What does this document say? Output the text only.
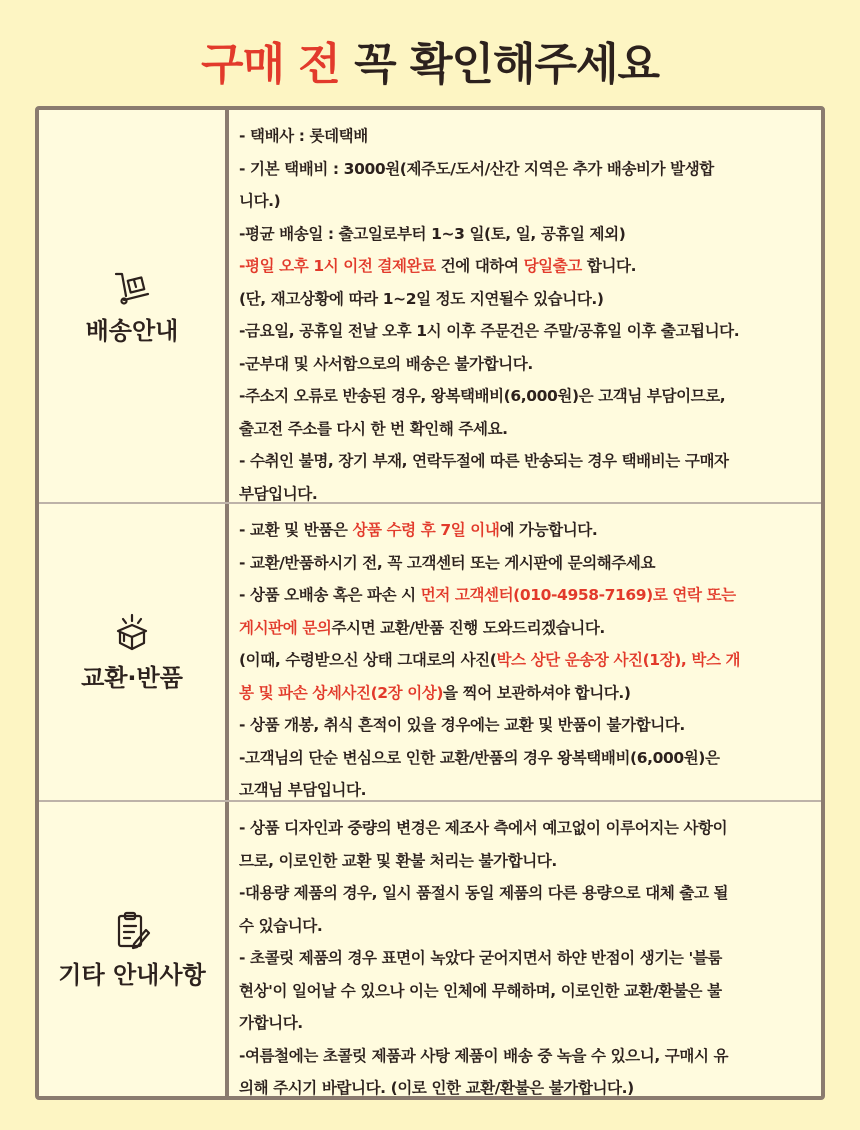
구매 전 꼭 확인해주세요
배송안내
- 택배사 : 롯데택배
- 기본 택배비 : 3000원(제주도/도서/산간 지역은 추가 배송비가 발생합
니다.)
-평균 배송일 : 출고일로부터 1~3 일(토, 일, 공휴일 제외)
-평일 오후 1시 이전 결제완료 건에 대하여 당일출고 합니다.
(단, 재고상황에 따라 1~2일 정도 지연될수 있습니다.)
-금요일, 공휴일 전날 오후 1시 이후 주문건은 주말/공휴일 이후 출고됩니다.
-군부대 및 사서함으로의 배송은 불가합니다.
-주소지 오류로 반송된 경우, 왕복택배비(6,000원)은 고객님 부담이므로,
출고전 주소를 다시 한 번 확인해 주세요.
- 수취인 불명, 장기 부재, 연락두절에 따른 반송되는 경우 택배비는 구매자
부담입니다.
교환·반품
- 교환 및 반품은 상품 수령 후 7일 이내에 가능합니다.
- 교환/반품하시기 전, 꼭 고객센터 또는 게시판에 문의해주세요
- 상품 오배송 혹은 파손 시 먼저 고객센터(010-4958-7169)로 연락 또는
게시판에 문의주시면 교환/반품 진행 도와드리겠습니다.
(이때, 수령받으신 상태 그대로의 사진(박스 상단 운송장 사진(1장), 박스 개
봉 및 파손 상세사진(2장 이상)을 찍어 보관하셔야 합니다.)
- 상품 개봉, 취식 흔적이 있을 경우에는 교환 및 반품이 불가합니다.
-고객님의 단순 변심으로 인한 교환/반품의 경우 왕복택배비(6,000원)은
고객님 부담입니다.
기타 안내사항
- 상품 디자인과 중량의 변경은 제조사 측에서 예고없이 이루어지는 사항이
므로, 이로인한 교환 및 환불 처리는 불가합니다.
-대용량 제품의 경우, 일시 품절시 동일 제품의 다른 용량으로 대체 출고 될
수 있습니다.
- 초콜릿 제품의 경우 표면이 녹았다 굳어지면서 하얀 반점이 생기는 '블룸
현상'이 일어날 수 있으나 이는 인체에 무해하며, 이로인한 교환/환불은 불
가합니다.
-여름철에는 초콜릿 제품과 사탕 제품이 배송 중 녹을 수 있으니, 구매시 유
의해 주시기 바랍니다. (이로 인한 교환/환불은 불가합니다.)
